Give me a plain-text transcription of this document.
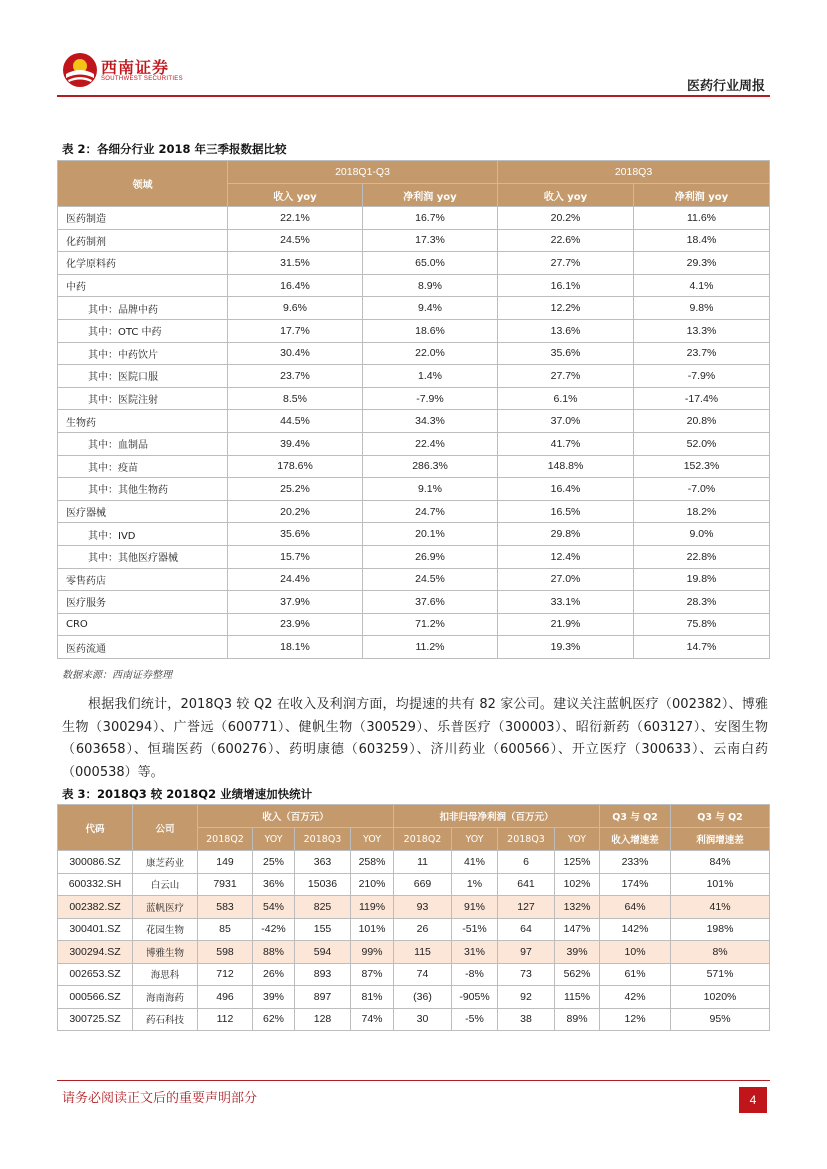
西南证券
SOUTHWEST SECURITIES	医药行业周报
表 2：各细分行业 2018 年三季报数据比较
领域	2018Q1-Q3		2018Q3	
	收入 yoy	净利润 yoy	收入 yoy	净利润 yoy
医药制造	22.1%	16.7%	20.2%	11.6%
化药制剂	24.5%	17.3%	22.6%	18.4%
化学原料药	31.5%	65.0%	27.7%	29.3%
中药	16.4%	8.9%	16.1%	4.1%
其中：品牌中药	9.6%	9.4%	12.2%	9.8%
其中：OTC 中药	17.7%	18.6%	13.6%	13.3%
其中：中药饮片	30.4%	22.0%	35.6%	23.7%
其中：医院口服	23.7%	1.4%	27.7%	-7.9%
其中：医院注射	8.5%	-7.9%	6.1%	-17.4%
生物药	44.5%	34.3%	37.0%	20.8%
其中：血制品	39.4%	22.4%	41.7%	52.0%
其中：疫苗	178.6%	286.3%	148.8%	152.3%
其中：其他生物药	25.2%	9.1%	16.4%	-7.0%
医疗器械	20.2%	24.7%	16.5%	18.2%
其中：IVD	35.6%	20.1%	29.8%	9.0%
其中：其他医疗器械	15.7%	26.9%	12.4%	22.8%
零售药店	24.4%	24.5%	27.0%	19.8%
医疗服务	37.9%	37.6%	33.1%	28.3%
CRO	23.9%	71.2%	21.9%	75.8%
医药流通	18.1%	11.2%	19.3%	14.7%
数据来源：西南证券整理

根据我们统计，2018Q3 较 Q2 在收入及利润方面，均提速的共有 82 家公司。建议关注蓝帆医疗（002382）、博雅生物（300294）、广誉远（600771）、健帆生物（300529）、乐普医疗（300003）、昭衍新药（603127）、安图生物（603658）、恒瑞医药（600276）、药明康德（603259）、济川药业（600566）、开立医疗（300633）、云南白药（000538）等。

表 3：2018Q3 较 2018Q2 业绩增速加快统计
代码	公司	收入（百万元）				扣非归母净利润（百万元）				Q3 与 Q2	Q3 与 Q2
		2018Q2	YOY	2018Q3	YOY	2018Q2	YOY	2018Q3	YOY	收入增速差	利润增速差
300086.SZ	康芝药业	149	25%	363	258%	11	41%	6	125%	233%	84%
600332.SH	白云山	7931	36%	15036	210%	669	1%	641	102%	174%	101%
002382.SZ	蓝帆医疗	583	54%	825	119%	93	91%	127	132%	64%	41%
300401.SZ	花园生物	85	-42%	155	101%	26	-51%	64	147%	142%	198%
300294.SZ	博雅生物	598	88%	594	99%	115	31%	97	39%	10%	8%
002653.SZ	海思科	712	26%	893	87%	74	-8%	73	562%	61%	571%
000566.SZ	海南海药	496	39%	897	81%	(36)	-905%	92	115%	42%	1020%
300725.SZ	药石科技	112	62%	128	74%	30	-5%	38	89%	12%	95%
请务必阅读正文后的重要声明部分	4
